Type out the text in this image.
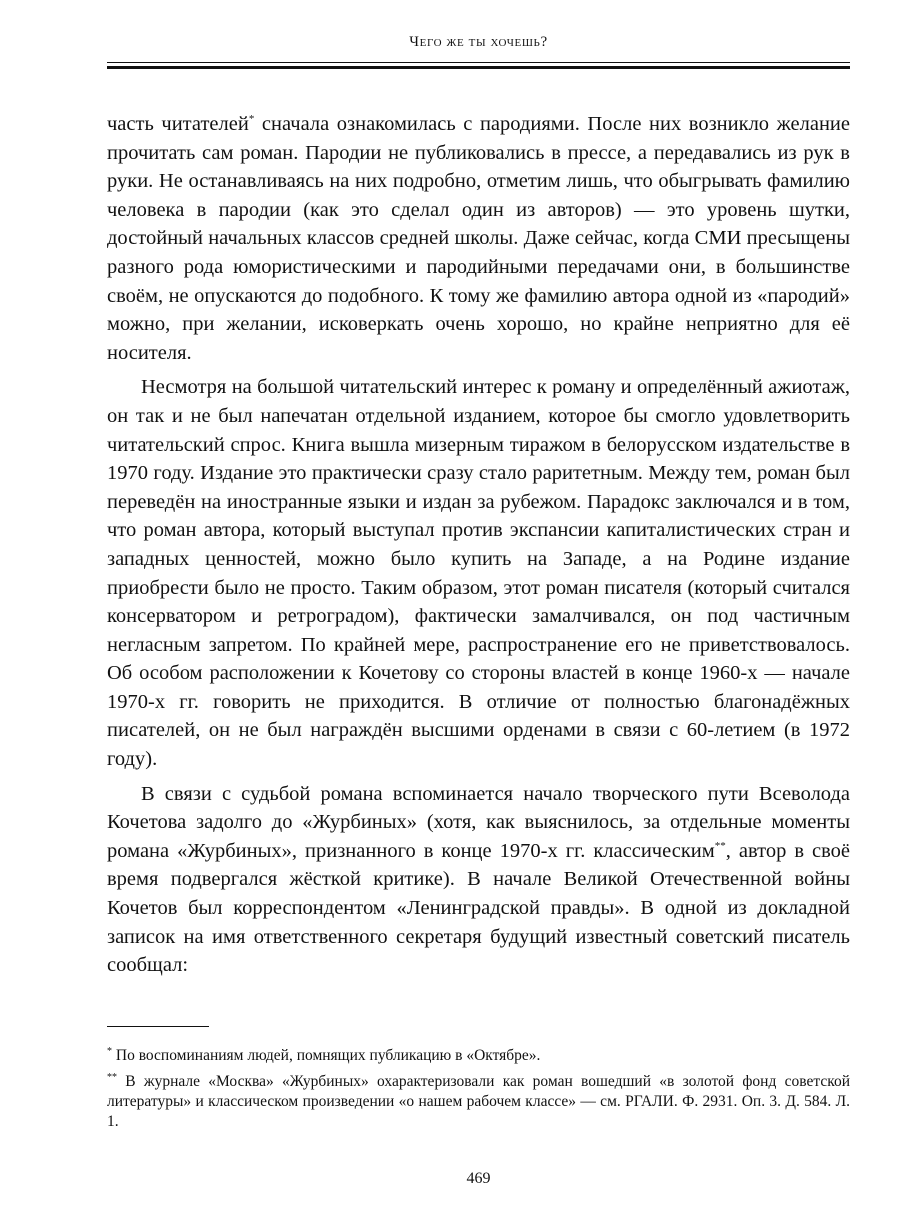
Чего же ты хочешь?

часть читателей* сначала ознакомилась с пародиями. После них возникло желание прочитать сам роман. Пародии не публиковались в прессе, а передавались из рук в руки. Не останавливаясь на них подробно, отметим лишь, что обыгрывать фамилию человека в пародии (как это сделал один из авторов) — это уровень шутки, достойный начальных классов средней школы. Даже сейчас, когда СМИ пресыщены разного рода юмористическими и пародийными передачами они, в большинстве своём, не опускаются до подобного. К тому же фамилию автора одной из «пародий» можно, при желании, исковеркать очень хорошо, но крайне неприятно для её носителя.

Несмотря на большой читательский интерес к роману и определённый ажиотаж, он так и не был напечатан отдельной изданием, которое бы смогло удовлетворить читательский спрос. Книга вышла мизерным тиражом в белорусском издательстве в 1970 году. Издание это практически сразу стало раритетным. Между тем, роман был переведён на иностранные языки и издан за рубежом. Парадокс заключался и в том, что роман автора, который выступал против экспансии капиталистических стран и западных ценностей, можно было купить на Западе, а на Родине издание приобрести было не просто. Таким образом, этот роман писателя (который считался консерватором и ретроградом), фактически замалчивался, он под частичным негласным запретом. По крайней мере, распространение его не приветствовалось. Об особом расположении к Кочетову со стороны властей в конце 1960-х — начале 1970-х гг. говорить не приходится. В отличие от полностью благонадёжных писателей, он не был награждён высшими орденами в связи с 60-летием (в 1972 году).

В связи с судьбой романа вспоминается начало творческого пути Всеволода Кочетова задолго до «Журбиных» (хотя, как выяснилось, за отдельные моменты романа «Журбиных», признанного в конце 1970-х гг. классическим**, автор в своё время подвергался жёсткой критике). В начале Великой Отечественной войны Кочетов был корреспондентом «Ленинградской правды». В одной из докладной записок на имя ответственного секретаря будущий известный советский писатель сообщал:

* По воспоминаниям людей, помнящих публикацию в «Октябре».

** В журнале «Москва» «Журбиных» охарактеризовали как роман вошедший «в золотой фонд советской литературы» и классическом произведении «о нашем рабочем классе» — см. РГАЛИ. Ф. 2931. Оп. 3. Д. 584. Л. 1.

469
